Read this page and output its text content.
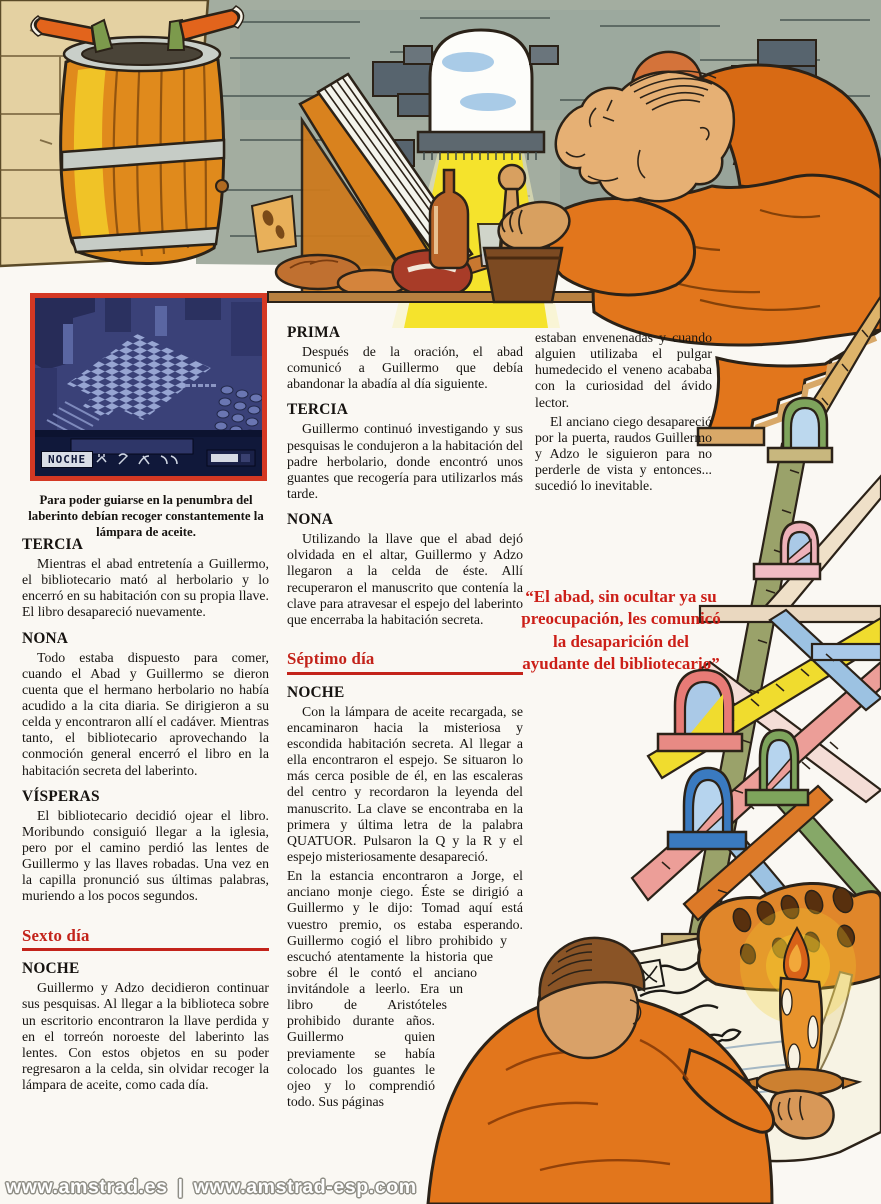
NOCHE
Para poder guiarse en la penumbra del laberinto debían recoger constantemente la lámpara de aceite.
TERCIA

Mientras el abad entretenía a Guillermo, el bibliotecario mató al herbolario y lo encerró en su habitación con su propia llave. El libro desapareció nuevamente.

NONA

Todo estaba dispuesto para comer, cuando el Abad y Guillermo se dieron cuenta que el hermano herbolario no había acudido a la cita diaria. Se dirigieron a su celda y encontraron allí el cadáver. Mientras tanto, el bibliotecario aprovechando la conmoción general encerró el libro en la habitación secreta del laberinto.

VÍSPERAS

El bibliotecario decidió ojear el libro. Moribundo consiguió llegar a la iglesia, pero por el camino perdió las lentes de Guillermo y las llaves robadas. Una vez en la capilla pronunció sus últimas palabras, muriendo a los pocos segundos.

Sexto día
NOCHE

Guillermo y Adzo decidieron continuar sus pesquisas. Al llegar a la biblioteca sobre un escritorio encontraron la llave perdida y en el torreón noroeste del laberinto las lentes. Con estos objetos en su poder regresaron a la celda, sin olvidar recoger la lámpara de aceite, como cada día.

PRIMA

Después de la oración, el abad comunicó a Guillermo que debía abandonar la abadía al día siguiente.

TERCIA

Guillermo continuó investigando y sus pesquisas le condujeron a la habitación del padre herbolario, donde encontró unos guantes que recogería para utilizarlos más tarde.

NONA

Utilizando la llave que el abad dejó olvidada en el altar, Guillermo y Adzo llegaron a la celda de éste. Allí recuperaron el manuscrito que contenía la clave para atravesar el espejo del laberinto que encerraba la habitación secreta.

Séptimo día
NOCHE

Con la lámpara de aceite recargada, se encaminaron hacia la misteriosa y escondida habitación secreta. Al llegar a ella encontraron el espejo. Se situaron lo más cerca posible de él, en las escaleras del centro y recordaron la leyenda del manuscrito. La clave se encontraba en la primera y última letra de la palabra QUATUOR. Pulsaron la Q y la R y el espejo misteriosamente desapareció.

En la estancia encontraron a Jorge, el anciano monje ciego. Éste se dirigió a Guillermo y le dijo: Tomad aquí está vuestro premio, os estaba esperando. Guillermo cogió el libro prohibido y escuchó atentamente la historia que sobre él le contó el anciano invitándole a leerlo. Era un libro de Aristóteles prohibido durante años. Guillermo quien previamente se había colocado los guantes le ojeo y lo comprendió todo. Sus páginas

estaban envenenadas y cuando alguien utilizaba el pulgar humedecido el veneno acababa con la curiosidad del ávido lector.

El anciano ciego desapareció por la puerta, raudos Guillermo y Adzo le siguieron para no perderle de vista y entonces... sucedió lo inevitable.

“El abad, sin ocultar ya su preocupación, les comunicó la desaparición del ayudante del bibliotecario”
www.amstrad.es | www.amstrad-esp.com
